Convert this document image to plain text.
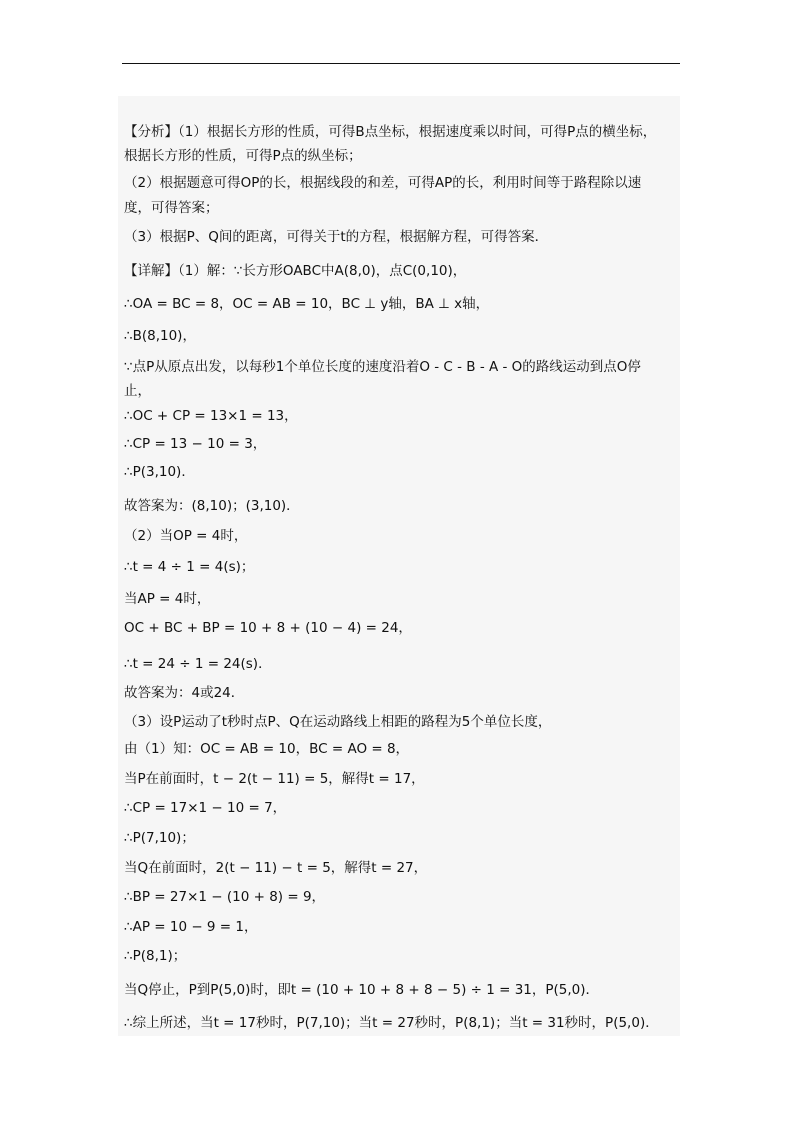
【分析】（1）根据长方形的性质，可得B点坐标，根据速度乘以时间，可得P点的横坐标，
根据长方形的性质，可得P点的纵坐标；
（2）根据题意可得OP的长，根据线段的和差，可得AP的长，利用时间等于路程除以速
度，可得答案；
（3）根据P、Q间的距离，可得关于t的方程，根据解方程，可得答案．
【详解】（1）解：∵长方形OABC中A(8,0)，点C(0,10)，
∴OA = BC = 8，OC = AB = 10，BC ⊥ y轴，BA ⊥ x轴，
∴B(8,10)，
∵点P从原点出发，以每秒1个单位长度的速度沿着O - C - B - A - O的路线运动到点O停
止，
∴OC + CP = 13×1 = 13，
∴CP = 13 − 10 = 3，
∴P(3,10)．
故答案为：(8,10)；(3,10)．
（2）当OP = 4时，
∴t = 4 ÷ 1 = 4(s)；
当AP = 4时，
OC + BC + BP = 10 + 8 + (10 − 4) = 24，
∴t = 24 ÷ 1 = 24(s)．
故答案为：4或24．
（3）设P运动了t秒时点P、Q在运动路线上相距的路程为5个单位长度，
由（1）知：OC = AB = 10，BC = AO = 8，
当P在前面时，t − 2(t − 11) = 5，解得t = 17，
∴CP = 17×1 − 10 = 7，
∴P(7,10)；
当Q在前面时，2(t − 11) − t = 5，解得t = 27，
∴BP = 27×1 − (10 + 8) = 9，
∴AP = 10 − 9 = 1，
∴P(8,1)；
当Q停止，P到P(5,0)时，即t = (10 + 10 + 8 + 8 − 5) ÷ 1 = 31，P(5,0)．
∴综上所述，当t = 17秒时，P(7,10)；当t = 27秒时，P(8,1)；当t = 31秒时，P(5,0)．
